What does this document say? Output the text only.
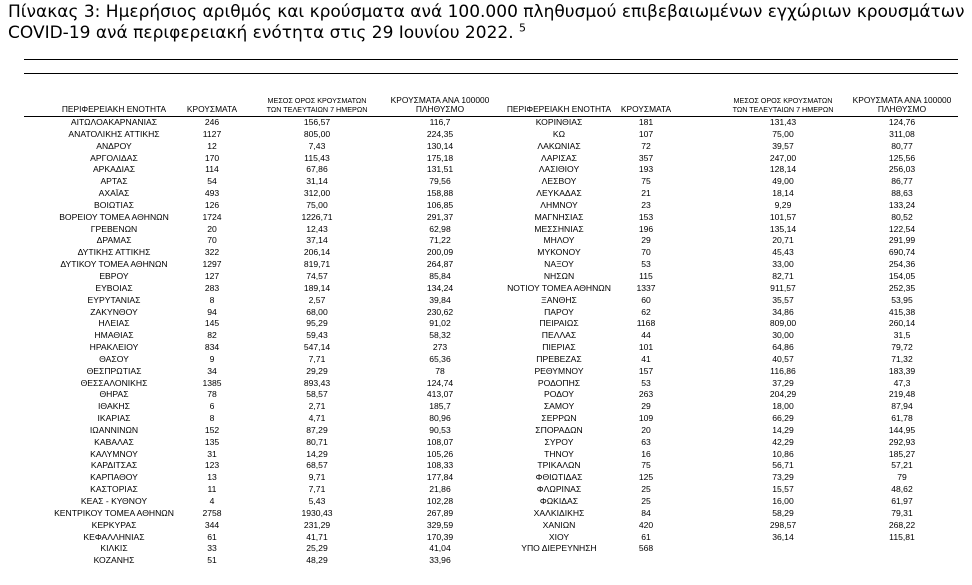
Πίνακας 3: Ημερήσιος αριθμός και κρούσματα ανά 100.000 πληθυσμού επιβεβαιωμένων εγχώριων κρουσμάτων COVID-19 ανά περιφερειακή ενότητα στις 29 Ιουνίου 2022. $^5$
ΠΕΡΙΦΕΡΕΙΑΚΗ ΕΝΟΤΗΤΑ	ΚΡΟΥΣΜΑΤΑ
ΜΕΣΟΣ ΟΡΟΣ ΚΡΟΥΣΜΑΤΩΝ
ΤΩΝ ΤΕΛΕΥΤΑΙΩΝ 7 ΗΜΕΡΩΝ
ΚΡΟΥΣΜΑΤΑ ΑΝΑ 100000
ΠΛΗΘΥΣΜΟ	ΠΕΡΙΦΕΡΕΙΑΚΗ ΕΝΟΤΗΤΑ ΚΡΟΥΣΜΑΤΑ
ΜΕΣΟΣ ΟΡΟΣ ΚΡΟΥΣΜΑΤΩΝ
ΤΩΝ ΤΕΛΕΥΤΑΙΩΝ 7 ΗΜΕΡΩΝ
ΚΡΟΥΣΜΑΤΑ ΑΝΑ 100000
ΠΛΗΘΥΣΜΟ
ΑΙΤΩΛΟΑΚΑΡΝΑΝΙΑΣ
ΑΝΑΤΟΛΙΚΗΣ ΑΤΤΙΚΗΣ
ΑΝΔΡΟΥ
ΑΡΓΟΛΙΔΑΣ
ΑΡΚΑΔΙΑΣ
ΑΡΤΑΣ
ΑΧΑΪΑΣ
ΒΟΙΩΤΙΑΣ
ΒΟΡΕΙΟΥ ΤΟΜΕΑ ΑΘΗΝΩΝ
ΓΡΕΒΕΝΩΝ
ΔΡΑΜΑΣ
ΔΥΤΙΚΗΣ ΑΤΤΙΚΗΣ
ΔΥΤΙΚΟΥ ΤΟΜΕΑ ΑΘΗΝΩΝ
ΕΒΡΟΥ
ΕΥΒΟΙΑΣ
ΕΥΡΥΤΑΝΙΑΣ
ΖΑΚΥΝΘΟΥ
ΗΛΕΙΑΣ
ΗΜΑΘΙΑΣ
ΗΡΑΚΛΕΙΟΥ
ΘΑΣΟΥ
ΘΕΣΠΡΩΤΙΑΣ
ΘΕΣΣΑΛΟΝΙΚΗΣ
ΘΗΡΑΣ
ΙΘΑΚΗΣ
ΙΚΑΡΙΑΣ
ΙΩΑΝΝΙΝΩΝ
ΚΑΒΑΛΑΣ
ΚΑΛΥΜΝΟΥ
ΚΑΡΔΙΤΣΑΣ
ΚΑΡΠΑΘΟΥ
ΚΑΣΤΟΡΙΑΣ
ΚΕΑΣ - ΚΥΘΝΟΥ
ΚΕΝΤΡΙΚΟΥ ΤΟΜΕΑ ΑΘΗΝΩΝ
ΚΕΡΚΥΡΑΣ
ΚΕΦΑΛΛΗΝΙΑΣ
ΚΙΛΚΙΣ
ΚΟΖΑΝΗΣ
246
1127
12
170
114
54
493
126
1724
20
70
322
1297
127
283
8
94
145
82
834
9
34
1385
78
6
8
152
135
31
123
13
11
4
2758
344
61
33
51
156,57
805,00
7,43
115,43
67,86
31,14
312,00
75,00
1226,71
12,43
37,14
206,14
819,71
74,57
189,14
2,57
68,00
95,29
59,43
547,14
7,71
29,29
893,43
58,57
2,71
4,71
87,29
80,71
14,29
68,57
9,71
7,71
5,43
1930,43
231,29
41,71
25,29
48,29
116,7
224,35
130,14
175,18
131,51
79,56
158,88
106,85
291,37
62,98
71,22
200,09
264,87
85,84
134,24
39,84
230,62
91,02
58,32
273
65,36
78
124,74
413,07
185,7
80,96
90,53
108,07
105,26
108,33
177,84
21,86
102,28
267,89
329,59
170,39
41,04
33,96
ΚΟΡΙΝΘΙΑΣ
ΚΩ
ΛΑΚΩΝΙΑΣ
ΛΑΡΙΣΑΣ
ΛΑΣΙΘΙΟΥ
ΛΕΣΒΟΥ
ΛΕΥΚΑΔΑΣ
ΛΗΜΝΟΥ
ΜΑΓΝΗΣΙΑΣ
ΜΕΣΣΗΝΙΑΣ
ΜΗΛΟΥ
ΜΥΚΟΝΟΥ
ΝΑΞΟΥ
ΝΗΣΩΝ
ΝΟΤΙΟΥ ΤΟΜΕΑ ΑΘΗΝΩΝ
ΞΑΝΘΗΣ
ΠΑΡΟΥ
ΠΕΙΡΑΙΩΣ
ΠΕΛΛΑΣ
ΠΙΕΡΙΑΣ
ΠΡΕΒΕΖΑΣ
ΡΕΘΥΜΝΟΥ
ΡΟΔΟΠΗΣ
ΡΟΔΟΥ
ΣΑΜΟΥ
ΣΕΡΡΩΝ
ΣΠΟΡΑΔΩΝ
ΣΥΡΟΥ
ΤΗΝΟΥ
ΤΡΙΚΑΛΩΝ
ΦΘΙΩΤΙΔΑΣ
ΦΛΩΡΙΝΑΣ
ΦΩΚΙΔΑΣ
ΧΑΛΚΙΔΙΚΗΣ
ΧΑΝΙΩΝ
ΧΙΟΥ
ΥΠΟ ΔΙΕΡΕΥΝΗΣΗ
181
107
72
357
193
75
21
23
153
196
29
70
53
115
1337
60
62
1168
44
101
41
157
53
263
29
109
20
63
16
75
125
25
25
84
420
61
568
131,43
75,00
39,57
247,00
128,14
49,00
18,14
9,29
101,57
135,14
20,71
45,43
33,00
82,71
911,57
35,57
34,86
809,00
30,00
64,86
40,57
116,86
37,29
204,29
18,00
66,29
14,29
42,29
10,86
56,71
73,29
15,57
16,00
58,29
298,57
36,14
124,76
311,08
80,77
125,56
256,03
86,77
88,63
133,24
80,52
122,54
291,99
690,74
254,36
154,05
252,35
53,95
415,38
260,14
31,5
79,72
71,32
183,39
47,3
219,48
87,94
61,78
144,95
292,93
185,27
57,21
79
48,62
61,97
79,31
268,22
115,81
